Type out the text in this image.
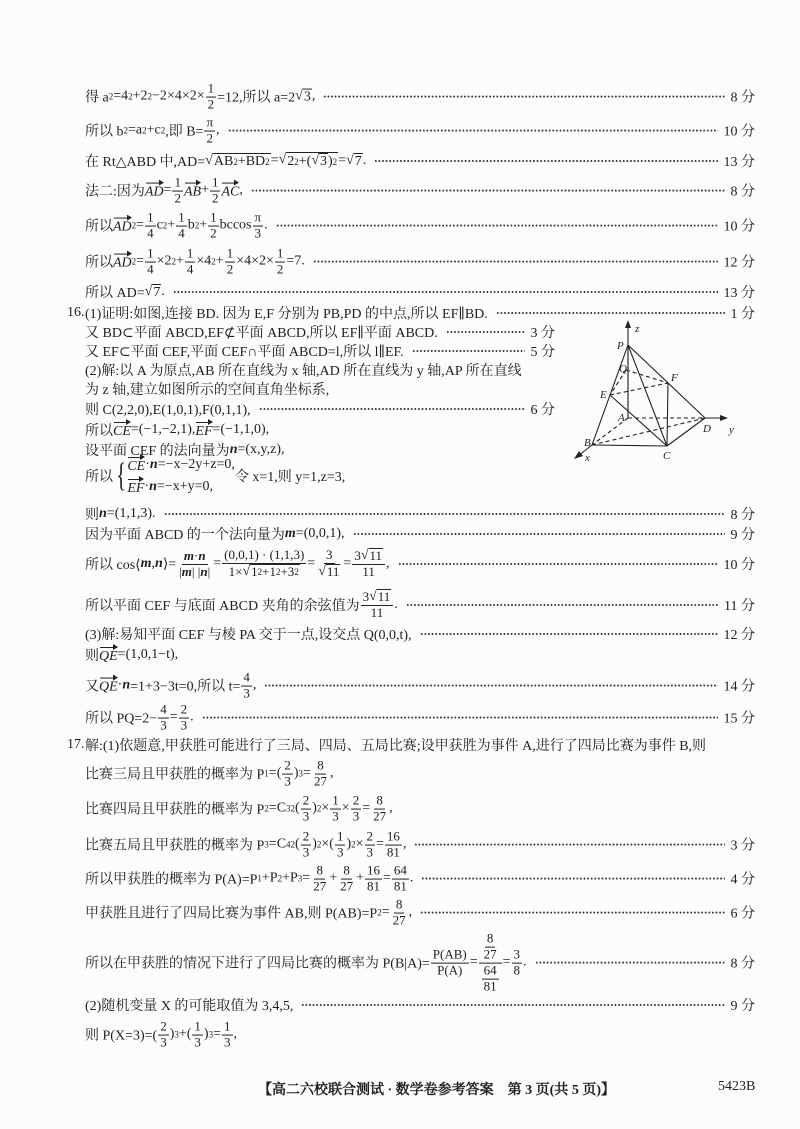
得 a 2 =4 2 +2 $2 -2\times 4\times 2\times \frac{1}{2} =12$,所以 a=2 √ 3 ,	8 分
所以 b 2 =a 2 +c 2 ,即 $B= \frac{\pi}{2}$ ,	10 分
在 Rt△ABD 中,AD= √ AB 2 +BD 2 = √ 2 2 +( √ 3 ) 2 = √ 7 .	13 分
法二:因为 AD = $\frac{1}{2}$ AB + $\frac{1}{2}$ AC ,	8 分
所以 AD $2 = \frac{1}{4}$ c $2 + \frac{1}{4}$ b $2 + \frac{1}{2}$ bccos $\frac{\pi}{3}$ .	10 分
所以 AD $2 = \frac{1}{4} \times 2$ $2 + \frac{1}{4} \times 4$ $2 + \frac{1}{2} \times 4\times 2\times \frac{1}{2} =7$.	12 分
所以 AD= √ 7 .	13 分
16. (1)证明:如图,连接 BD. 因为 E,F 分别为 PB,PD 的中点,所以 EF∥BD.	1 分
又 BD⊂平面 ABCD,EF⊄平面 ABCD,所以 EF∥平面 ABCD.	3 分
又 EF⊂平面 CEF,平面 CEF∩平面 ABCD=l,所以 l∥EF.	5 分
(2)解:以 A 为原点,AB 所在直线为 x 轴,AD 所在直线为 y 轴,AP 所在直线
为 z 轴,建立如图所示的空间直角坐标系,
则 C(2,2,0),E(1,0,1),F(0,1,1),	6 分
所以 CE =(−1,−2,1), EF =(−1,1,0),
设平面 CEF 的法向量为 n =(x,y,z),
所以 { CE · n =−x−2y+z=0,
EF · n =−x+y=0,
令 x=1,则 y=1,z=3,
则 n =(1,1,3).	8 分
因为平面 ABCD 的一个法向量为 m =(0,0,1),	9 分
所以 cos⟨ m , n ⟩= $\frac{m \cdot n}{| m | | n |} = \frac{(0,0,1) \cdot (1,1,3)}{1\times √ 1 2 +1 2 +3 2} = \frac{3}{√ 11} = \frac{3 √ 11}{11}$ ,	10 分
所以平面 CEF 与底面 ABCD 夹角的余弦值为 $\frac{3 √ 11}{11}$ .	11 分
(3)解:易知平面 CEF 与棱 PA 交于一点,设交点 Q(0,0,t),	12 分
则 QE =(1,0,1−t),
又 QE · n =1+3−3t=0,所以 $t= \frac{4}{3}$ ,	14 分
所以 $PQ=2- \frac{4}{3} = \frac{2}{3}$ .	15 分
17. 解:(1)依题意,甲获胜可能进行了三局、四局、五局比赛;设甲获胜为事件 A,进行了四局比赛为事件 B,则
比赛三局且甲获胜的概率为 P 1 =( $\frac{2}{3}$ ) $3 = \frac{8}{27}$ ,
比赛四局且甲获胜的概率为 P 2 =C 3 2 ( $\frac{2}{3}$ ) $2 \times \frac{1}{3} \times \frac{2}{3} = \frac{8}{27}$ ,
比赛五局且甲获胜的概率为 P 3 =C 4 2 ( $\frac{2}{3}$ ) 2 ×( $\frac{1}{3}$ ) $2 \times \frac{2}{3} = \frac{16}{81}$ ,	3 分
所以甲获胜的概率为 P(A)=P 1 +P 2 +P $3 = \frac{8}{27} + \frac{8}{27} + \frac{16}{81} = \frac{64}{81}$ .	4 分
甲获胜且进行了四局比赛为事件 AB,则 P(AB)=P $2 = \frac{8}{27}$ ,	6 分
所以在甲获胜的情况下进行了四局比赛的概率为 $P(B|A)= \frac{P(AB)}{P(A)} = \frac{\frac{8}{27}}{\frac{64}{81}} = \frac{3}{8}$ .	8 分
(2)随机变量 X 的可能取值为 3,4,5,	9 分
则 $P(X=3)=( \frac{2}{3}$ ) 3 +( $\frac{1}{3}$ ) $3 = \frac{1}{3}$ ,
P
Q
E
F
A
B
C
D
x
y
z
【高二六校联合测试 · 数学卷参考答案　第 3 页(共 5 页)】	5423B
